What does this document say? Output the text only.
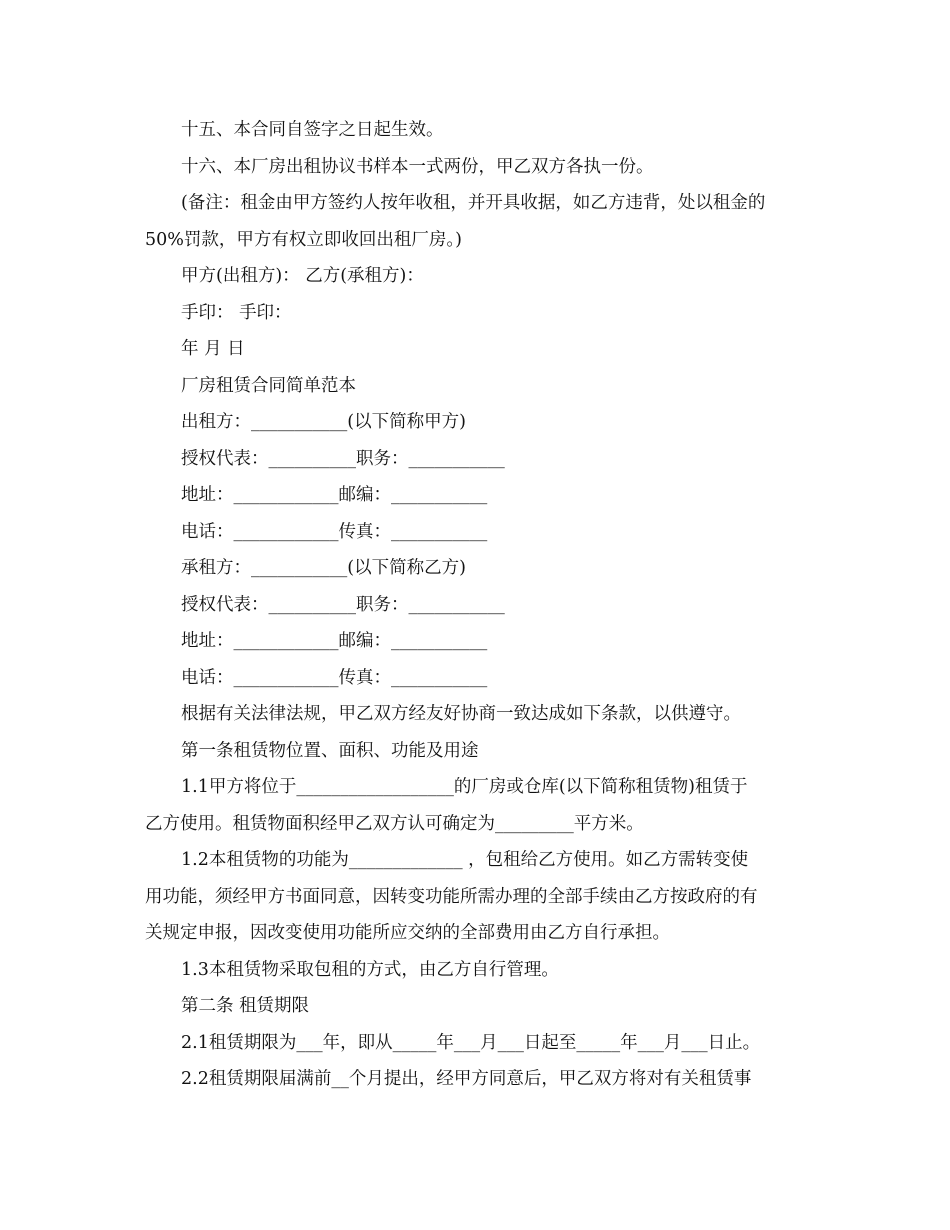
十五、本合同自签字之日起生效。

十六、本厂房出租协议书样本一式两份，甲乙双方各执一份。

(备注：租金由甲方签约人按年收租，并开具收据，如乙方违背，处以租金的

50%罚款，甲方有权立即收回出租厂房。)

甲方(出租方)： 乙方(承租方)：

手印： 手印：

年 月 日

厂房租赁合同简单范本

出租方：___________(以下简称甲方)

授权代表：__________职务：___________

地址：____________邮编：___________

电话：____________传真：___________

承租方：___________(以下简称乙方)

授权代表：__________职务：___________

地址：____________邮编：___________

电话：____________传真：___________

根据有关法律法规，甲乙双方经友好协商一致达成如下条款，以供遵守。

第一条租赁物位置、面积、功能及用途

1.1甲方将位于__________________的厂房或仓库(以下简称租赁物)租赁于

乙方使用。租赁物面积经甲乙双方认可确定为_________平方米。

1.2本租赁物的功能为_____________ ，包租给乙方使用。如乙方需转变使

用功能，须经甲方书面同意，因转变功能所需办理的全部手续由乙方按政府的有

关规定申报，因改变使用功能所应交纳的全部费用由乙方自行承担。

1.3本租赁物采取包租的方式，由乙方自行管理。

第二条 租赁期限

2.1租赁期限为___年，即从_____年___月___日起至_____年___月___日止。

2.2租赁期限届满前__个月提出，经甲方同意后，甲乙双方将对有关租赁事
